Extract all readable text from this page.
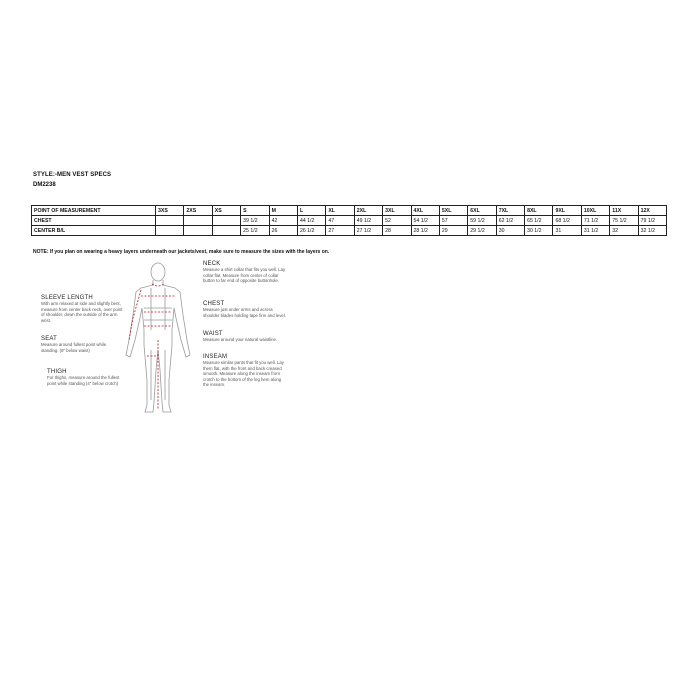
STYLE:-MEN VEST SPECS
DM2238
POINT OF MEASUREMENT	3XS	2XS	XS	S	M	L	XL	2XL	3XL	4XL	5XL	6XL	7XL	8XL	9XL	10XL	11X	12X
CHEST				39 1/2	42	44 1/2	47	49 1/2	52	54 1/2	57	59 1/2	62 1/2	65 1/2	68 1/2	71 1/2	75 1/2	79 1/2
CENTER B/L				25 1/2	26	26 1/2	27	27 1/2	28	28 1/2	29	29 1/2	30	30 1/2	31	31 1/2	32	32 1/2
NOTE: If you plan on wearing a heavy layers underneath our jackets/vest, make sure to measure the sizes with the layers on.
NECK
Measure a shirt collar that fits you well. Lay collar flat. Measure from center of collar button to far end of opposite buttonhole.
CHEST
Measure just under arms and across shoulder blades holding tape firm and level.
WAIST
Measure around your natural waistline.
INSEAM
Measure similar pants that fit you well. Lay them flat, with the front and back creased smooth. Measure along the inseam from crotch to the bottom of the leg hem along the inseam.
SLEEVE LENGTH
With arm relaxed at side and slightly bent, measure from center back neck, over point of shoulder, down the outside of the arm wrist.
SEAT
Measure around fullest point while standing. (8" below waist)
THIGH
For thighs, measure around the fullest point while standing (4" below crotch)
